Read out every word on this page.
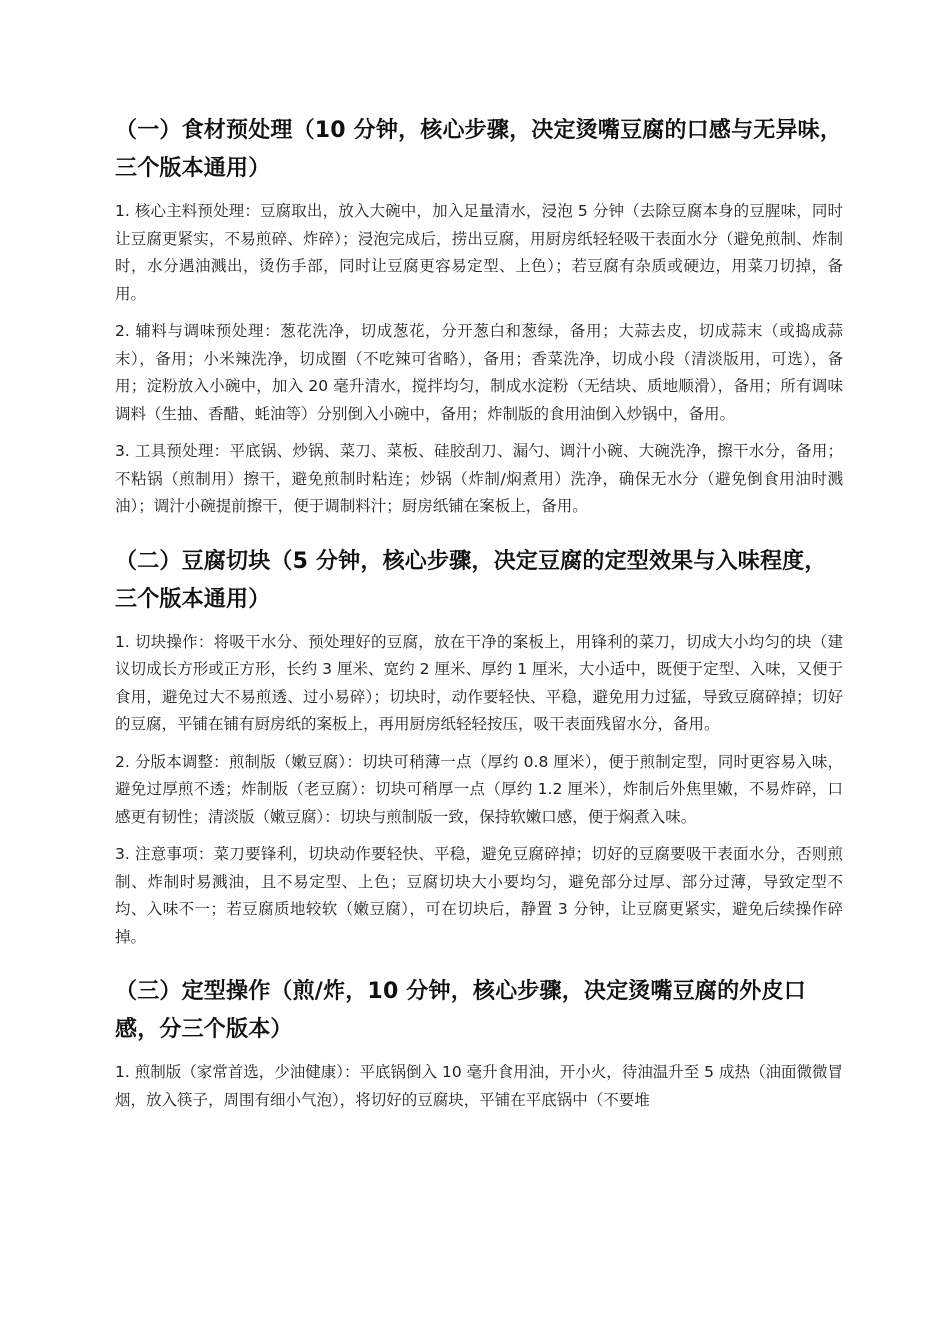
（一）食材预处理（10 分钟，核心步骤，决定烫嘴豆腐的口感与无异味，三个版本通用）

1. 核心主料预处理：豆腐取出，放入大碗中，加入足量清水，浸泡 5 分钟（去除豆腐本身的豆腥味，同时让豆腐更紧实，不易煎碎、炸碎）；浸泡完成后，捞出豆腐，用厨房纸轻轻吸干表面水分（避免煎制、炸制时，水分遇油溅出，烫伤手部，同时让豆腐更容易定型、上色）；若豆腐有杂质或硬边，用菜刀切掉，备用。

2. 辅料与调味预处理：葱花洗净，切成葱花，分开葱白和葱绿，备用；大蒜去皮，切成蒜末（或捣成蒜末），备用；小米辣洗净，切成圈（不吃辣可省略），备用；香菜洗净，切成小段（清淡版用，可选），备用；淀粉放入小碗中，加入 20 毫升清水，搅拌均匀，制成水淀粉（无结块、质地顺滑），备用；所有调味调料（生抽、香醋、蚝油等）分别倒入小碗中，备用；炸制版的食用油倒入炒锅中，备用。

3. 工具预处理：平底锅、炒锅、菜刀、菜板、硅胶刮刀、漏勺、调汁小碗、大碗洗净，擦干水分，备用；不粘锅（煎制用）擦干，避免煎制时粘连；炒锅（炸制/焖煮用）洗净，确保无水分（避免倒食用油时溅油）；调汁小碗提前擦干，便于调制料汁；厨房纸铺在案板上，备用。

（二）豆腐切块（5 分钟，核心步骤，决定豆腐的定型效果与入味程度，三个版本通用）

1. 切块操作：将吸干水分、预处理好的豆腐，放在干净的案板上，用锋利的菜刀，切成大小均匀的块（建议切成长方形或正方形，长约 3 厘米、宽约 2 厘米、厚约 1 厘米，大小适中，既便于定型、入味，又便于食用，避免过大不易煎透、过小易碎）；切块时，动作要轻快、平稳，避免用力过猛，导致豆腐碎掉；切好的豆腐，平铺在铺有厨房纸的案板上，再用厨房纸轻轻按压，吸干表面残留水分，备用。

2. 分版本调整：煎制版（嫩豆腐）：切块可稍薄一点（厚约 0.8 厘米），便于煎制定型，同时更容易入味，避免过厚煎不透；炸制版（老豆腐）：切块可稍厚一点（厚约 1.2 厘米），炸制后外焦里嫩，不易炸碎，口感更有韧性；清淡版（嫩豆腐）：切块与煎制版一致，保持软嫩口感，便于焖煮入味。

3. 注意事项：菜刀要锋利，切块动作要轻快、平稳，避免豆腐碎掉；切好的豆腐要吸干表面水分，否则煎制、炸制时易溅油，且不易定型、上色；豆腐切块大小要均匀，避免部分过厚、部分过薄，导致定型不均、入味不一；若豆腐质地较软（嫩豆腐），可在切块后，静置 3 分钟，让豆腐更紧实，避免后续操作碎掉。

（三）定型操作（煎/炸，10 分钟，核心步骤，决定烫嘴豆腐的外皮口感，分三个版本）

1. 煎制版（家常首选，少油健康）：平底锅倒入 10 毫升食用油，开小火，待油温升至 5 成热（油面微微冒烟，放入筷子，周围有细小气泡），将切好的豆腐块，平铺在平底锅中（不要堆
